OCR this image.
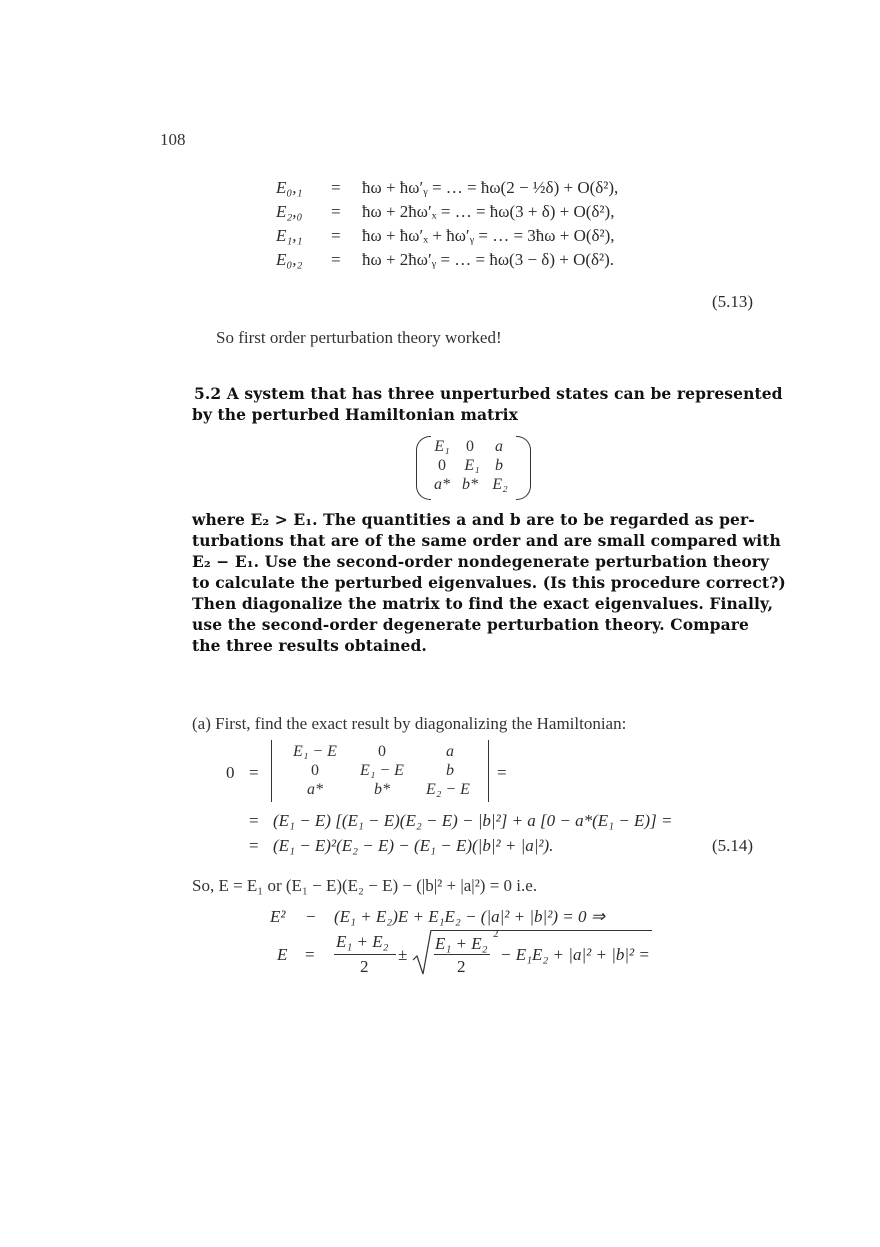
108
E₀,₁ = ħω + ħω′ᵧ = … = ħω(2 − ½δ) + O(δ²),
E₂,₀ = ħω + 2ħω′ₓ = … = ħω(3 + δ) + O(δ²),
E₁,₁ = ħω + ħω′ₓ + ħω′ᵧ = … = 3ħω + O(δ²),
E₀,₂ = ħω + 2ħω′ᵧ = … = ħω(3 − δ) + O(δ²).
(5.13)
So first order perturbation theory worked!
5.2 A system that has three unperturbed states can be represented
by the perturbed Hamiltonian matrix
E₁	0	a
0	E₁ b
a* b* E₂
where E₂ > E₁. The quantities a and b are to be regarded as per-
turbations that are of the same order and are small compared with
E₂ − E₁. Use the second-order nondegenerate perturbation theory
to calculate the perturbed eigenvalues. (Is this procedure correct?)
Then diagonalize the matrix to find the exact eigenvalues. Finally,
use the second-order degenerate perturbation theory. Compare
the three results obtained.
(a) First, find the exact result by diagonalizing the Hamiltonian:
0 =
E₁ − E	0	a
0	E₁ − E	b
a*	b*	E₂ − E
=
= (E₁ − E) [(E₁ − E)(E₂ − E) − |b|²] + a [0 − a*(E₁ − E)] =
= (E₁ − E)²(E₂ − E) − (E₁ − E)(|b|² + |a|²).	(5.14)
So, E = E₁ or (E₁ − E)(E₂ − E) − (|b|² + |a|²) = 0 i.e.
E² − (E₁ + E₂)E + E₁E₂ − (|a|² + |b|²) = 0 ⇒
E =
E₁ + E₂
2
±
E₁ + E₂ 2
2
− E₁E₂ + |a|² + |b|² =
